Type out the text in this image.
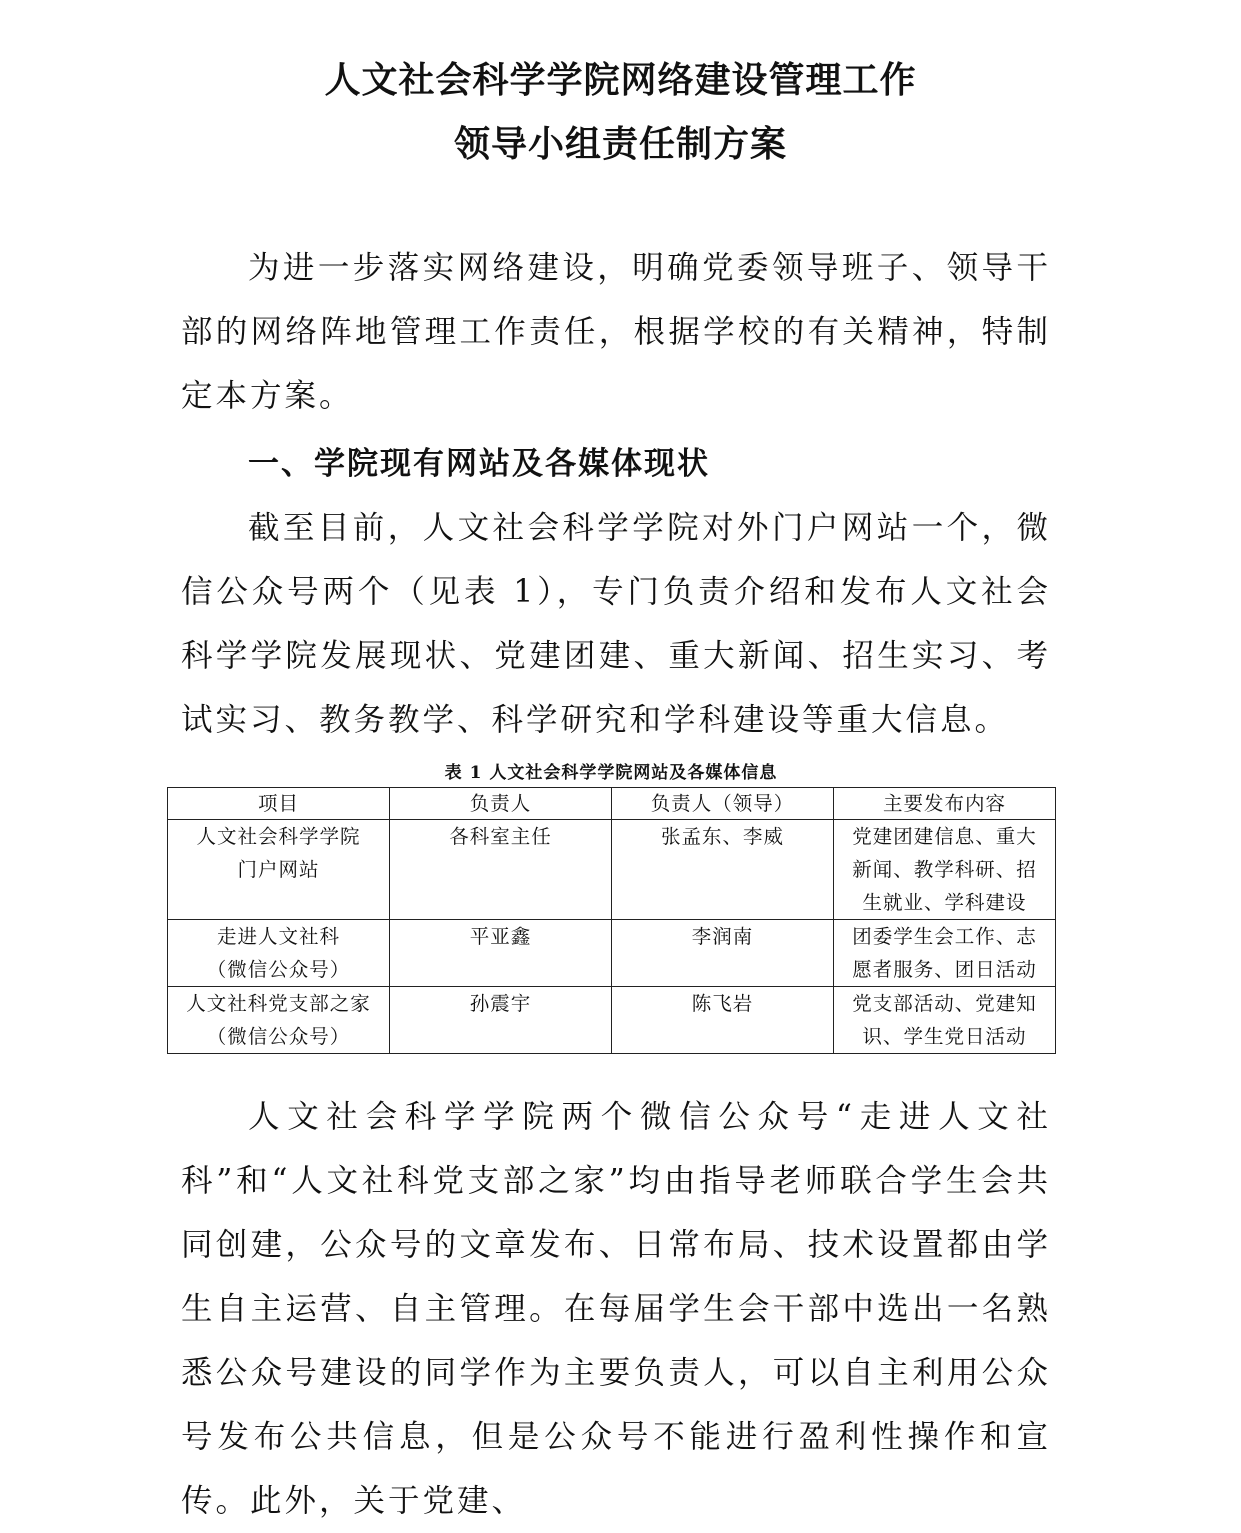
人文社会科学学院网络建设管理工作
领导小组责任制方案

为进一步落实网络建设，明确党委领导班子、领导干部的网络阵地管理工作责任，根据学校的有关精神，特制定本方案。

一、学院现有网站及各媒体现状

截至目前，人文社会科学学院对外门户网站一个，微信公众号两个（见表 1），专门负责介绍和发布人文社会科学学院发展现状、党建团建、重大新闻、招生实习、考试实习、教务教学、科学研究和学科建设等重大信息。

表 1 人文社会科学学院网站及各媒体信息
项目	负责人	负责人（领导）	主要发布内容

人文社会科学学院
门户网站	各科室主任	张孟东、李威	党建团建信息、重大新闻、教学科研、招生就业、学科建设

走进人文社科
（微信公众号）	平亚鑫	李润南	团委学生会工作、志愿者服务、团日活动

人文社科党支部之家
（微信公众号）	孙震宇	陈飞岩	党支部活动、党建知识、学生党日活动

人文社会科学学院两个微信公众号“走进人文社科”和“人文社科党支部之家”均由指导老师联合学生会共同创建，公众号的文章发布、日常布局、技术设置都由学生自主运营、自主管理。在每届学生会干部中选出一名熟悉公众号建设的同学作为主要负责人，可以自主利用公众号发布公共信息，但是公众号不能进行盈利性操作和宣传。此外，关于党建、
